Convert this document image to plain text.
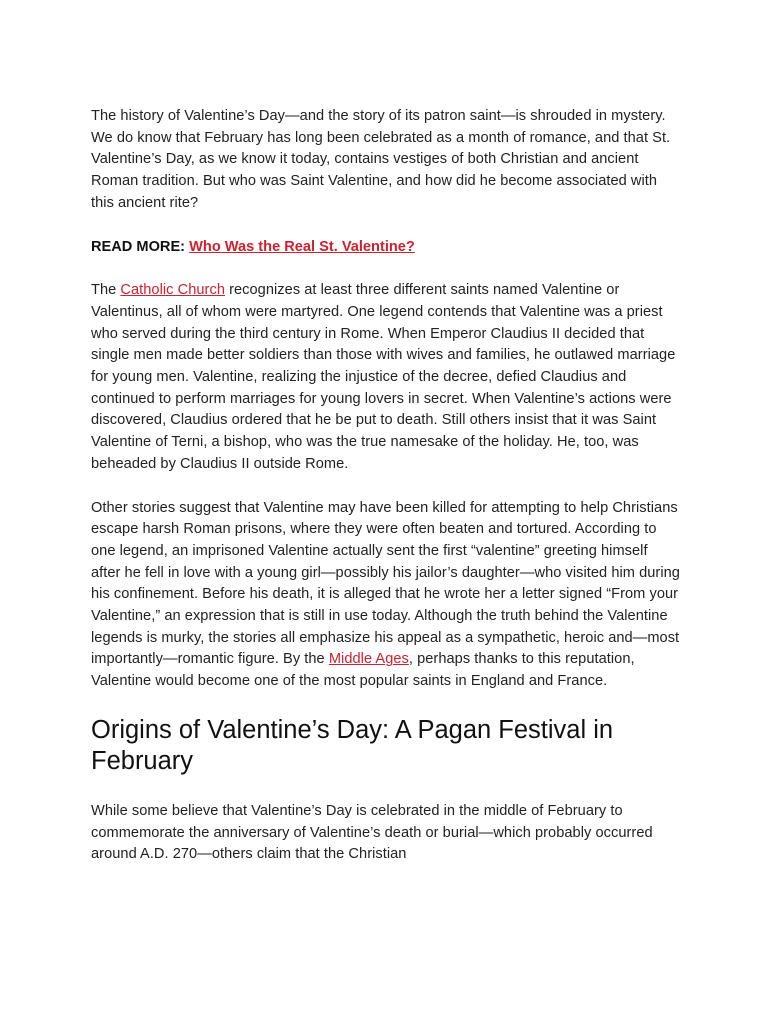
The history of Valentine’s Day—and the story of its patron saint—is shrouded in mystery. We do know that February has long been celebrated as a month of romance, and that St. Valentine’s Day, as we know it today, contains vestiges of both Christian and ancient Roman tradition. But who was Saint Valentine, and how did he become associated with this ancient rite?

READ MORE: Who Was the Real St. Valentine?

The Catholic Church recognizes at least three different saints named Valentine or Valentinus, all of whom were martyred. One legend contends that Valentine was a priest who served during the third century in Rome. When Emperor Claudius II decided that single men made better soldiers than those with wives and families, he outlawed marriage for young men. Valentine, realizing the injustice of the decree, defied Claudius and continued to perform marriages for young lovers in secret. When Valentine’s actions were discovered, Claudius ordered that he be put to death. Still others insist that it was Saint Valentine of Terni, a bishop, who was the true namesake of the holiday. He, too, was beheaded by Claudius II outside Rome.

Other stories suggest that Valentine may have been killed for attempting to help Christians escape harsh Roman prisons, where they were often beaten and tortured. According to one legend, an imprisoned Valentine actually sent the first “valentine” greeting himself after he fell in love with a young girl—possibly his jailor’s daughter—who visited him during his confinement. Before his death, it is alleged that he wrote her a letter signed “From your Valentine,” an expression that is still in use today. Although the truth behind the Valentine legends is murky, the stories all emphasize his appeal as a sympathetic, heroic and—most importantly—romantic figure. By the Middle Ages, perhaps thanks to this reputation, Valentine would become one of the most popular saints in England and France.

Origins of Valentine’s Day: A Pagan Festival in February

While some believe that Valentine’s Day is celebrated in the middle of February to commemorate the anniversary of Valentine’s death or burial—which probably occurred around A.D. 270—others claim that the Christian
